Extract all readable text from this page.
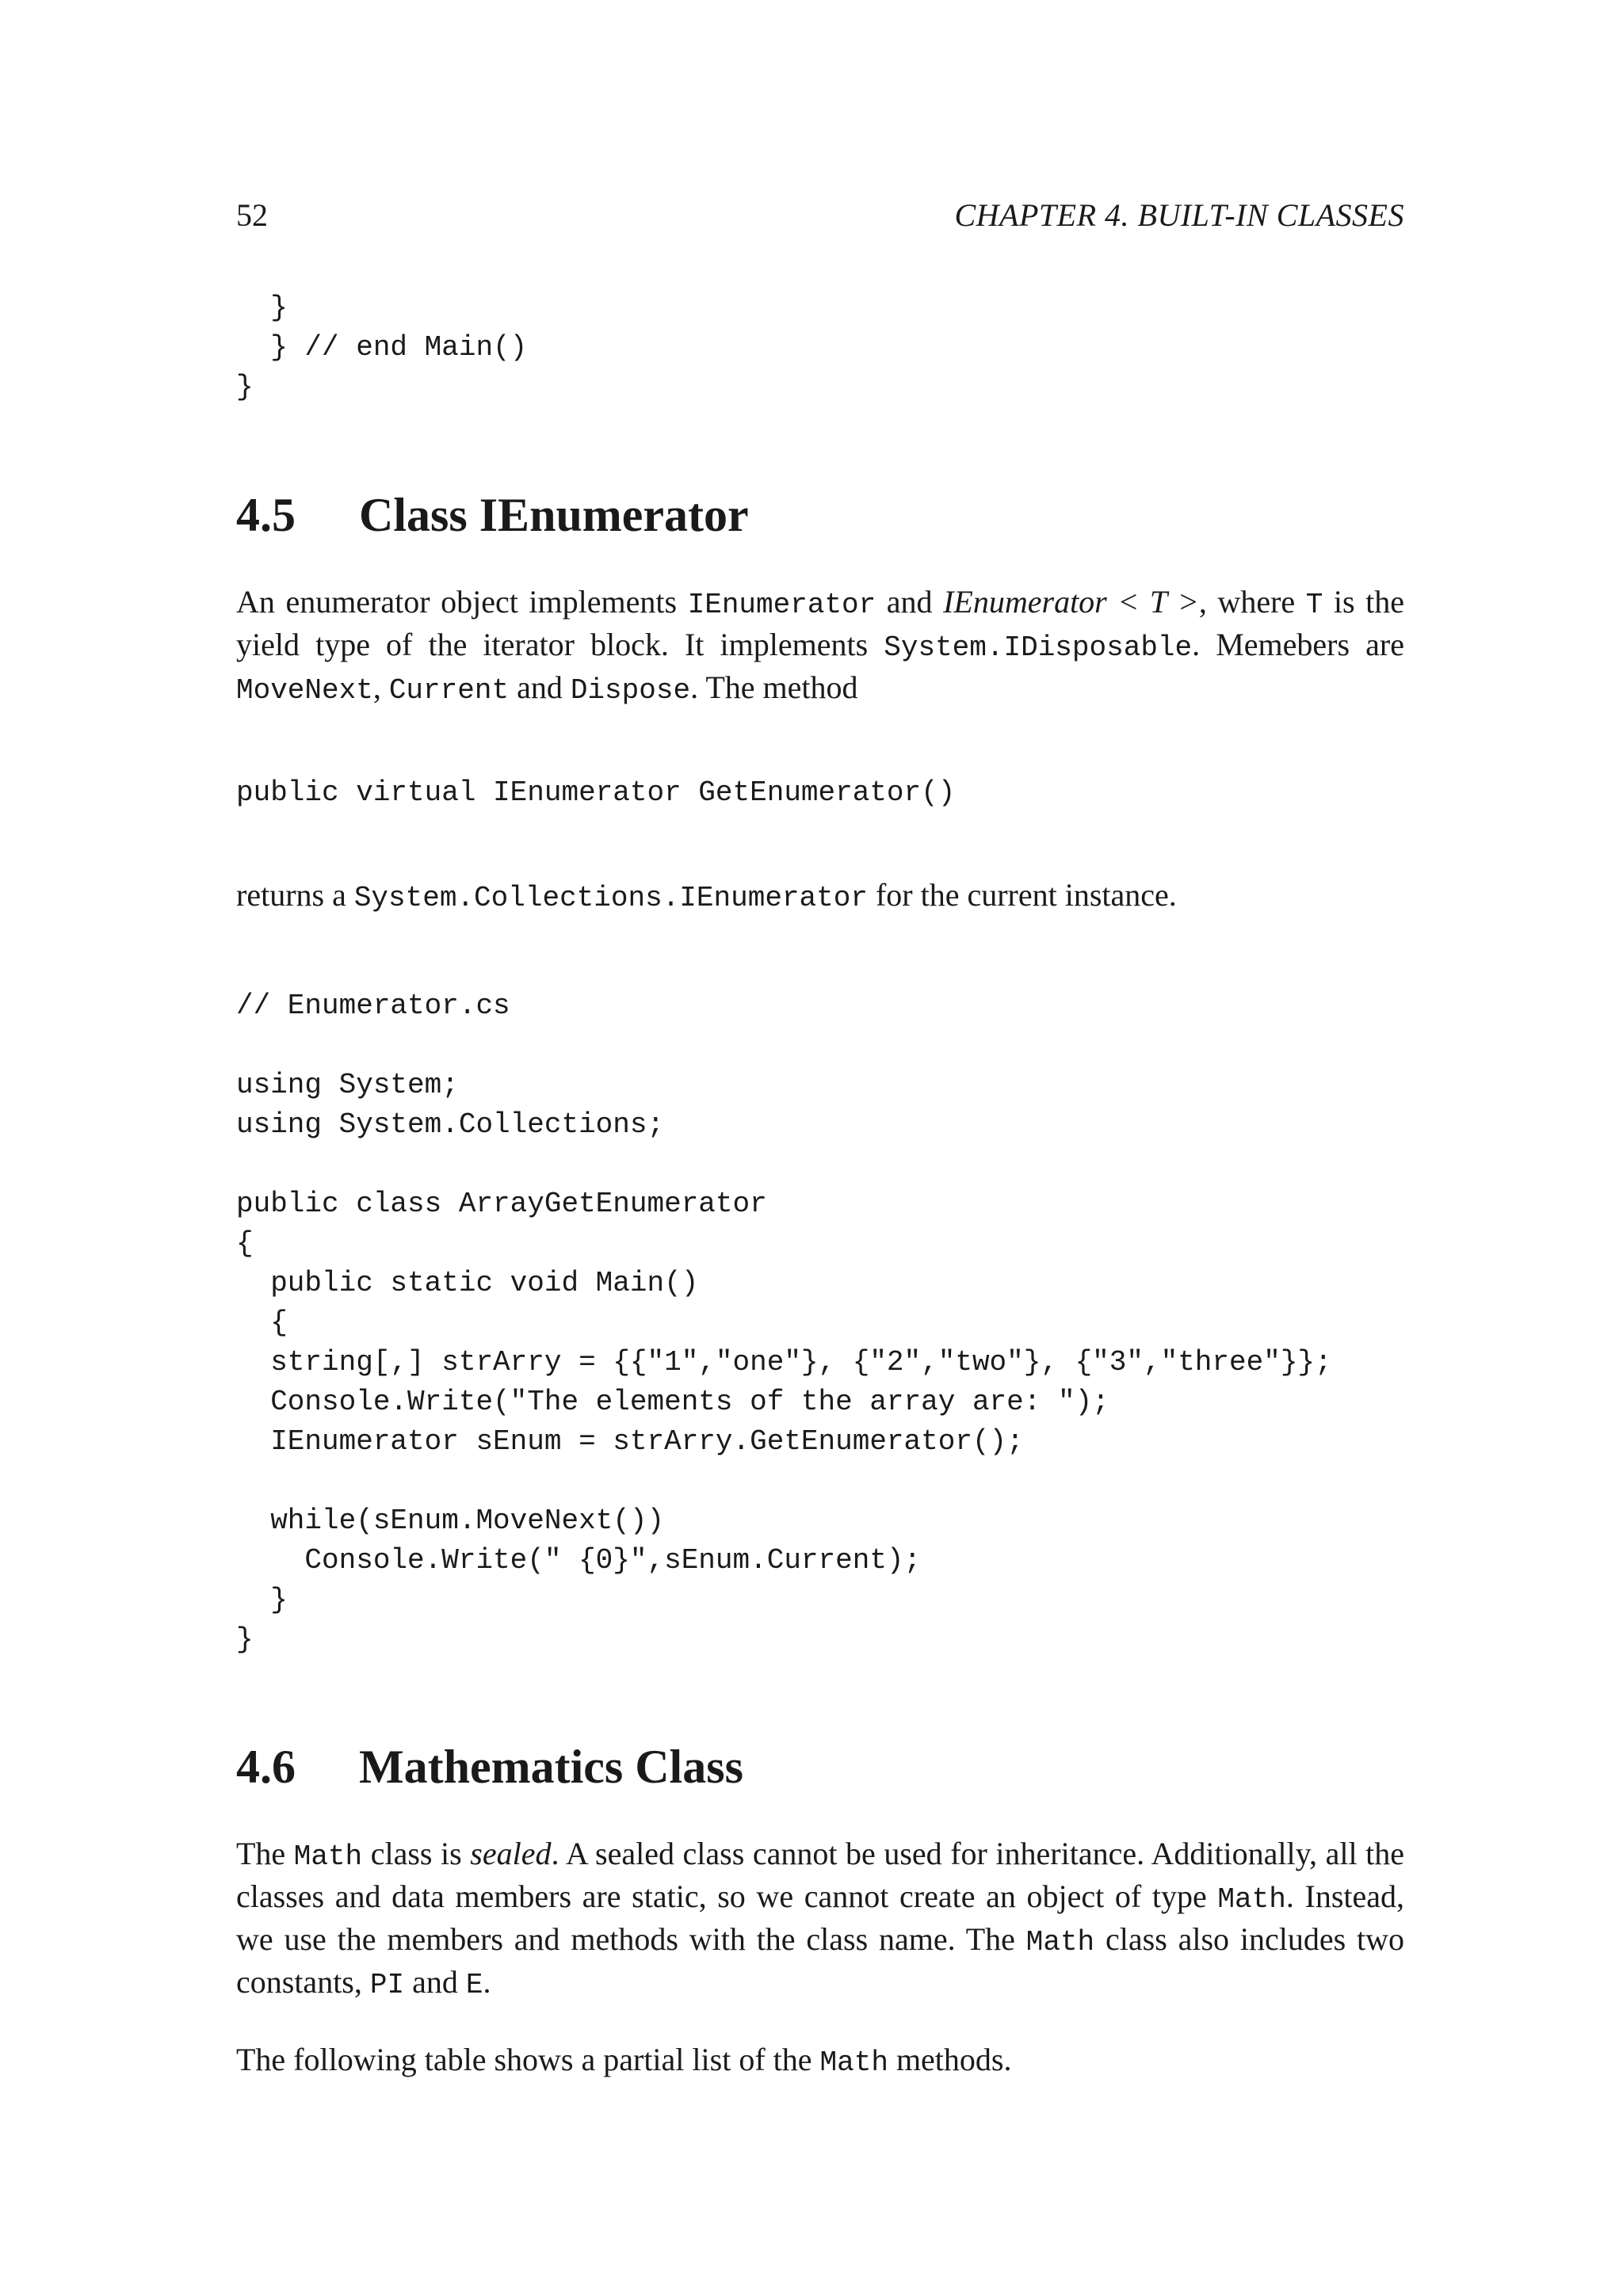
52	CHAPTER 4. BUILT-IN CLASSES
}
} // end Main()
}
4.5 Class IEnumerator

An enumerator object implements IEnumerator and IEnumerator < T >, where T is the yield type of the iterator block. It implements System.IDisposable. Memebers are MoveNext, Current and Dispose. The method

public virtual IEnumerator GetEnumerator()

returns a System.Collections.IEnumerator for the current instance.

// Enumerator.cs

using System;
using System.Collections;

public class ArrayGetEnumerator
{
public static void Main()
{
string[,] strArry = {{"1","one"}, {"2","two"}, {"3","three"}};
Console.Write("The elements of the array are: ");
IEnumerator sEnum = strArry.GetEnumerator();

while(sEnum.MoveNext())
Console.Write(" {0}",sEnum.Current);
}
}
4.6 Mathematics Class

The Math class is sealed. A sealed class cannot be used for inheritance. Additionally, all the classes and data members are static, so we cannot create an object of type Math. Instead, we use the members and methods with the class name. The Math class also includes two constants, PI and E.

The following table shows a partial list of the Math methods.
